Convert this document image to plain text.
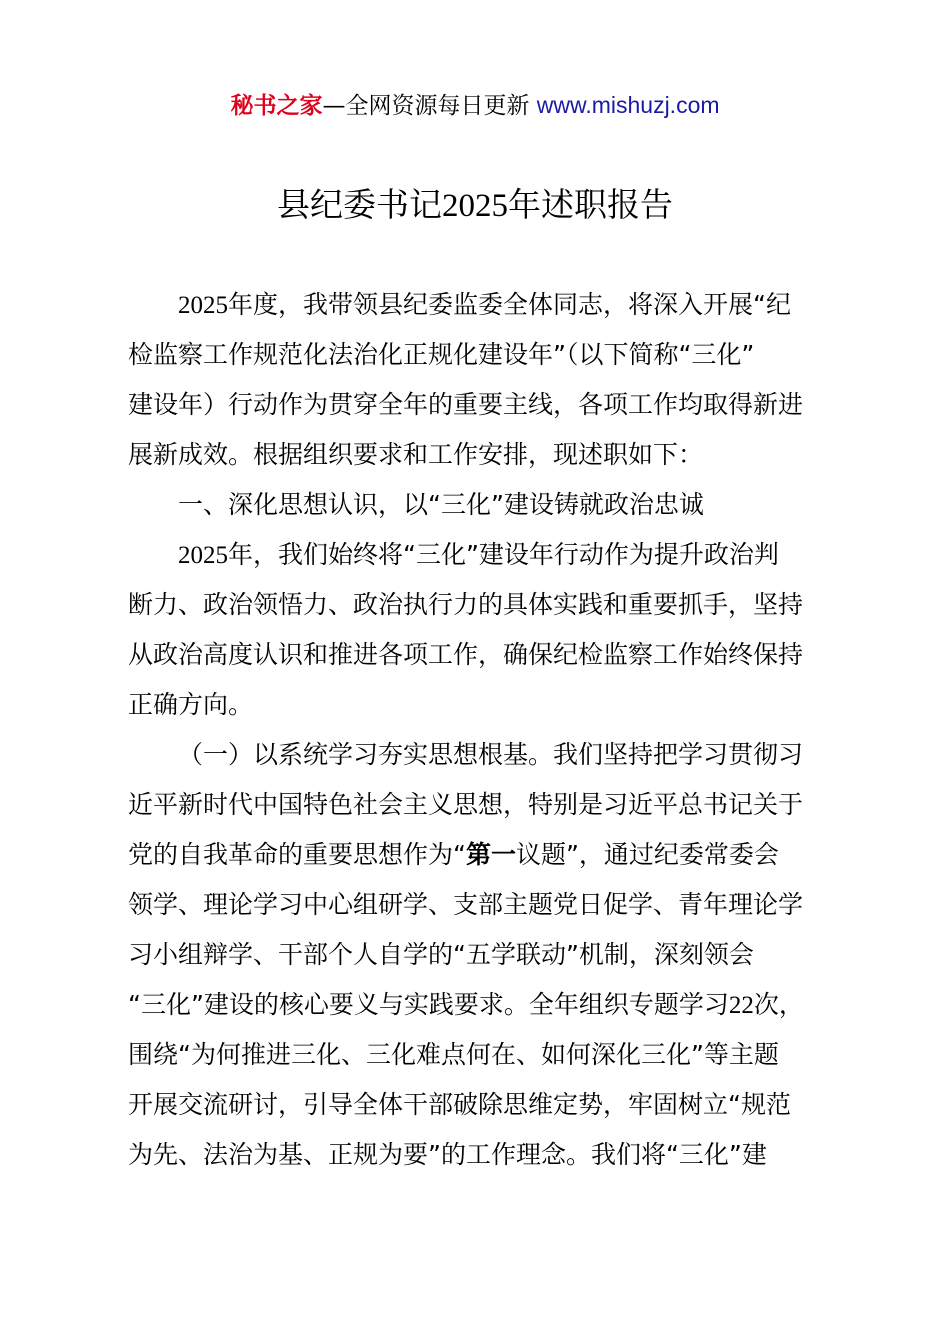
秘书之家—全网资源每日更新 www.mishuzj.com
县纪委书记2025年述职报告
2025年度，我带领县纪委监委全体同志，将深入开展“纪
检监察工作规范化法治化正规化建设年”（以下简称“三化”
建设年）行动作为贯穿全年的重要主线，各项工作均取得新进
展新成效。根据组织要求和工作安排，现述职如下：
一、深化思想认识，以“三化”建设铸就政治忠诚
2025年，我们始终将“三化”建设年行动作为提升政治判
断力、政治领悟力、政治执行力的具体实践和重要抓手，坚持
从政治高度认识和推进各项工作，确保纪检监察工作始终保持
正确方向。
（一）以系统学习夯实思想根基。我们坚持把学习贯彻习
近平新时代中国特色社会主义思想，特别是习近平总书记关于
党的自我革命的重要思想作为“第一议题”，通过纪委常委会
领学、理论学习中心组研学、支部主题党日促学、青年理论学
习小组辩学、干部个人自学的“五学联动”机制，深刻领会
“三化”建设的核心要义与实践要求。全年组织专题学习22次，
围绕“为何推进三化、三化难点何在、如何深化三化”等主题
开展交流研讨，引导全体干部破除思维定势，牢固树立“规范
为先、法治为基、正规为要”的工作理念。我们将“三化”建
